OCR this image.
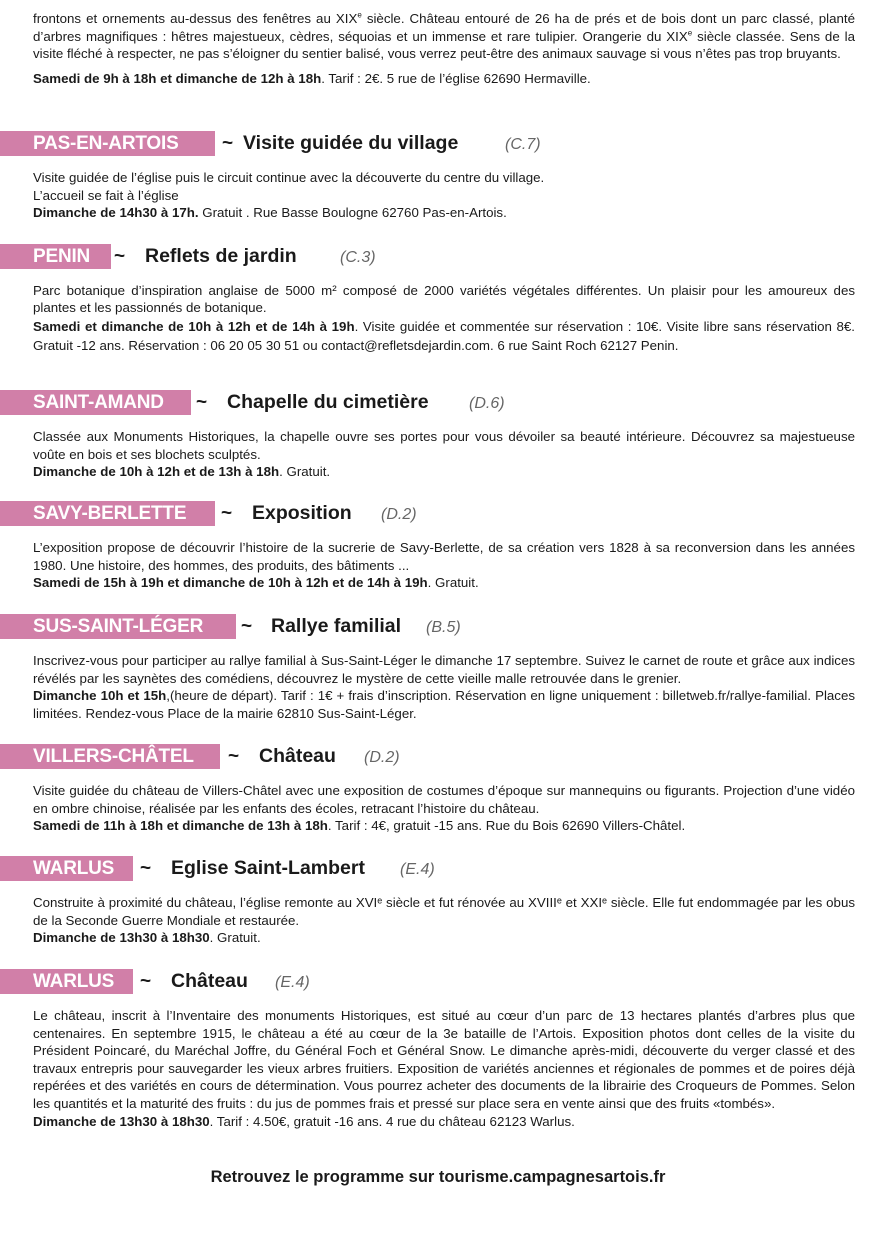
frontons et ornements au-dessus des fenêtres au XIXe siècle. Château entouré de 26 ha de prés et de bois dont un parc classé, planté d’arbres magnifiques : hêtres majestueux, cèdres, séquoias et un immense et rare tulipier. Orangerie du XIXe siècle classée. Sens de la visite fléché à respecter, ne pas s’éloigner du sentier balisé, vous verrez peut-être des animaux sauvage si vous n’êtes pas trop bruyants.

Samedi de 9h à 18h et dimanche de 12h à 18h. Tarif : 2€. 5 rue de l’église 62690 Hermaville.

PAS-EN-ARTOIS ~ Visite guidée du village	(C.7)

Visite guidée de l’église puis le circuit continue avec la découverte du centre du village.

L’accueil se fait à l’église

Dimanche de 14h30 à 17h. Gratuit . Rue Basse Boulogne 62760 Pas-en-Artois.

PENIN ~ Reflets de jardin	(C.3)

Parc botanique d’inspiration anglaise de 5000 m² composé de 2000 variétés végétales différentes. Un plaisir pour les amoureux des plantes et les passionnés de botanique.

Samedi et dimanche de 10h à 12h et de 14h à 19h. Visite guidée et commentée sur réservation : 10€. Visite libre sans réservation 8€. Gratuit -12 ans. Réservation : 06 20 05 30 51 ou contact@refletsdejardin.com. 6 rue Saint Roch 62127 Penin.

SAINT-AMAND ~ Chapelle du cimetière	(D.6)

Classée aux Monuments Historiques, la chapelle ouvre ses portes pour vous dévoiler sa beauté intérieure. Découvrez sa majestueuse voûte en bois et ses blochets sculptés.

Dimanche de 10h à 12h et de 13h à 18h. Gratuit.

SAVY-BERLETTE ~ Exposition (D.2)

L’exposition propose de découvrir l’histoire de la sucrerie de Savy-Berlette, de sa création vers 1828 à sa reconversion dans les années 1980. Une histoire, des hommes, des produits, des bâtiments ...

Samedi de 15h à 19h et dimanche de 10h à 12h et de 14h à 19h. Gratuit.

SUS-SAINT-LÉGER ~ Rallye familial (B.5)

Inscrivez-vous pour participer au rallye familial à Sus-Saint-Léger le dimanche 17 septembre. Suivez le carnet de route et grâce aux indices révélés par les saynètes des comédiens, découvrez le mystère de cette vieille malle retrouvée dans le grenier.

Dimanche 10h et 15h,(heure de départ). Tarif : 1€ + frais d’inscription. Réservation en ligne uniquement : billetweb.fr/rallye-familial. Places limitées. Rendez-vous Place de la mairie 62810 Sus-Saint-Léger.

VILLERS-CHÂTEL ~ Château (D.2)

Visite guidée du château de Villers-Châtel avec une exposition de costumes d’époque sur mannequins ou figurants. Projection d’une vidéo en ombre chinoise, réalisée par les enfants des écoles, retracant l’histoire du château.

Samedi de 11h à 18h et dimanche de 13h à 18h. Tarif : 4€, gratuit -15 ans. Rue du Bois 62690 Villers-Châtel.

WARLUS ~ Eglise Saint-Lambert (E.4)

Construite à proximité du château, l’église remonte au XVIᵉ siècle et fut rénovée au XVIIIᵉ et XXIᵉ siècle. Elle fut endommagée par les obus de la Seconde Guerre Mondiale et restaurée.

Dimanche de 13h30 à 18h30. Gratuit.

WARLUS ~ Château (E.4)

Le château, inscrit à l’Inventaire des monuments Historiques, est situé au cœur d’un parc de 13 hectares plantés d’arbres plus que centenaires. En septembre 1915, le château a été au cœur de la 3e bataille de l’Artois. Exposition photos dont celles de la visite du Président Poincaré, du Maréchal Joffre, du Général Foch et Général Snow. Le dimanche après-midi, découverte du verger classé et des travaux entrepris pour sauvegarder les vieux arbres fruitiers. Exposition de variétés anciennes et régionales de pommes et de poires déjà repérées et des variétés en cours de détermination. Vous pourrez acheter des documents de la librairie des Croqueurs de Pommes. Selon les quantités et la maturité des fruits : du jus de pommes frais et pressé sur place sera en vente ainsi que des fruits «tombés».

Dimanche de 13h30 à 18h30. Tarif : 4.50€, gratuit -16 ans. 4 rue du château 62123 Warlus.

Retrouvez le programme sur tourisme.campagnesartois.fr
